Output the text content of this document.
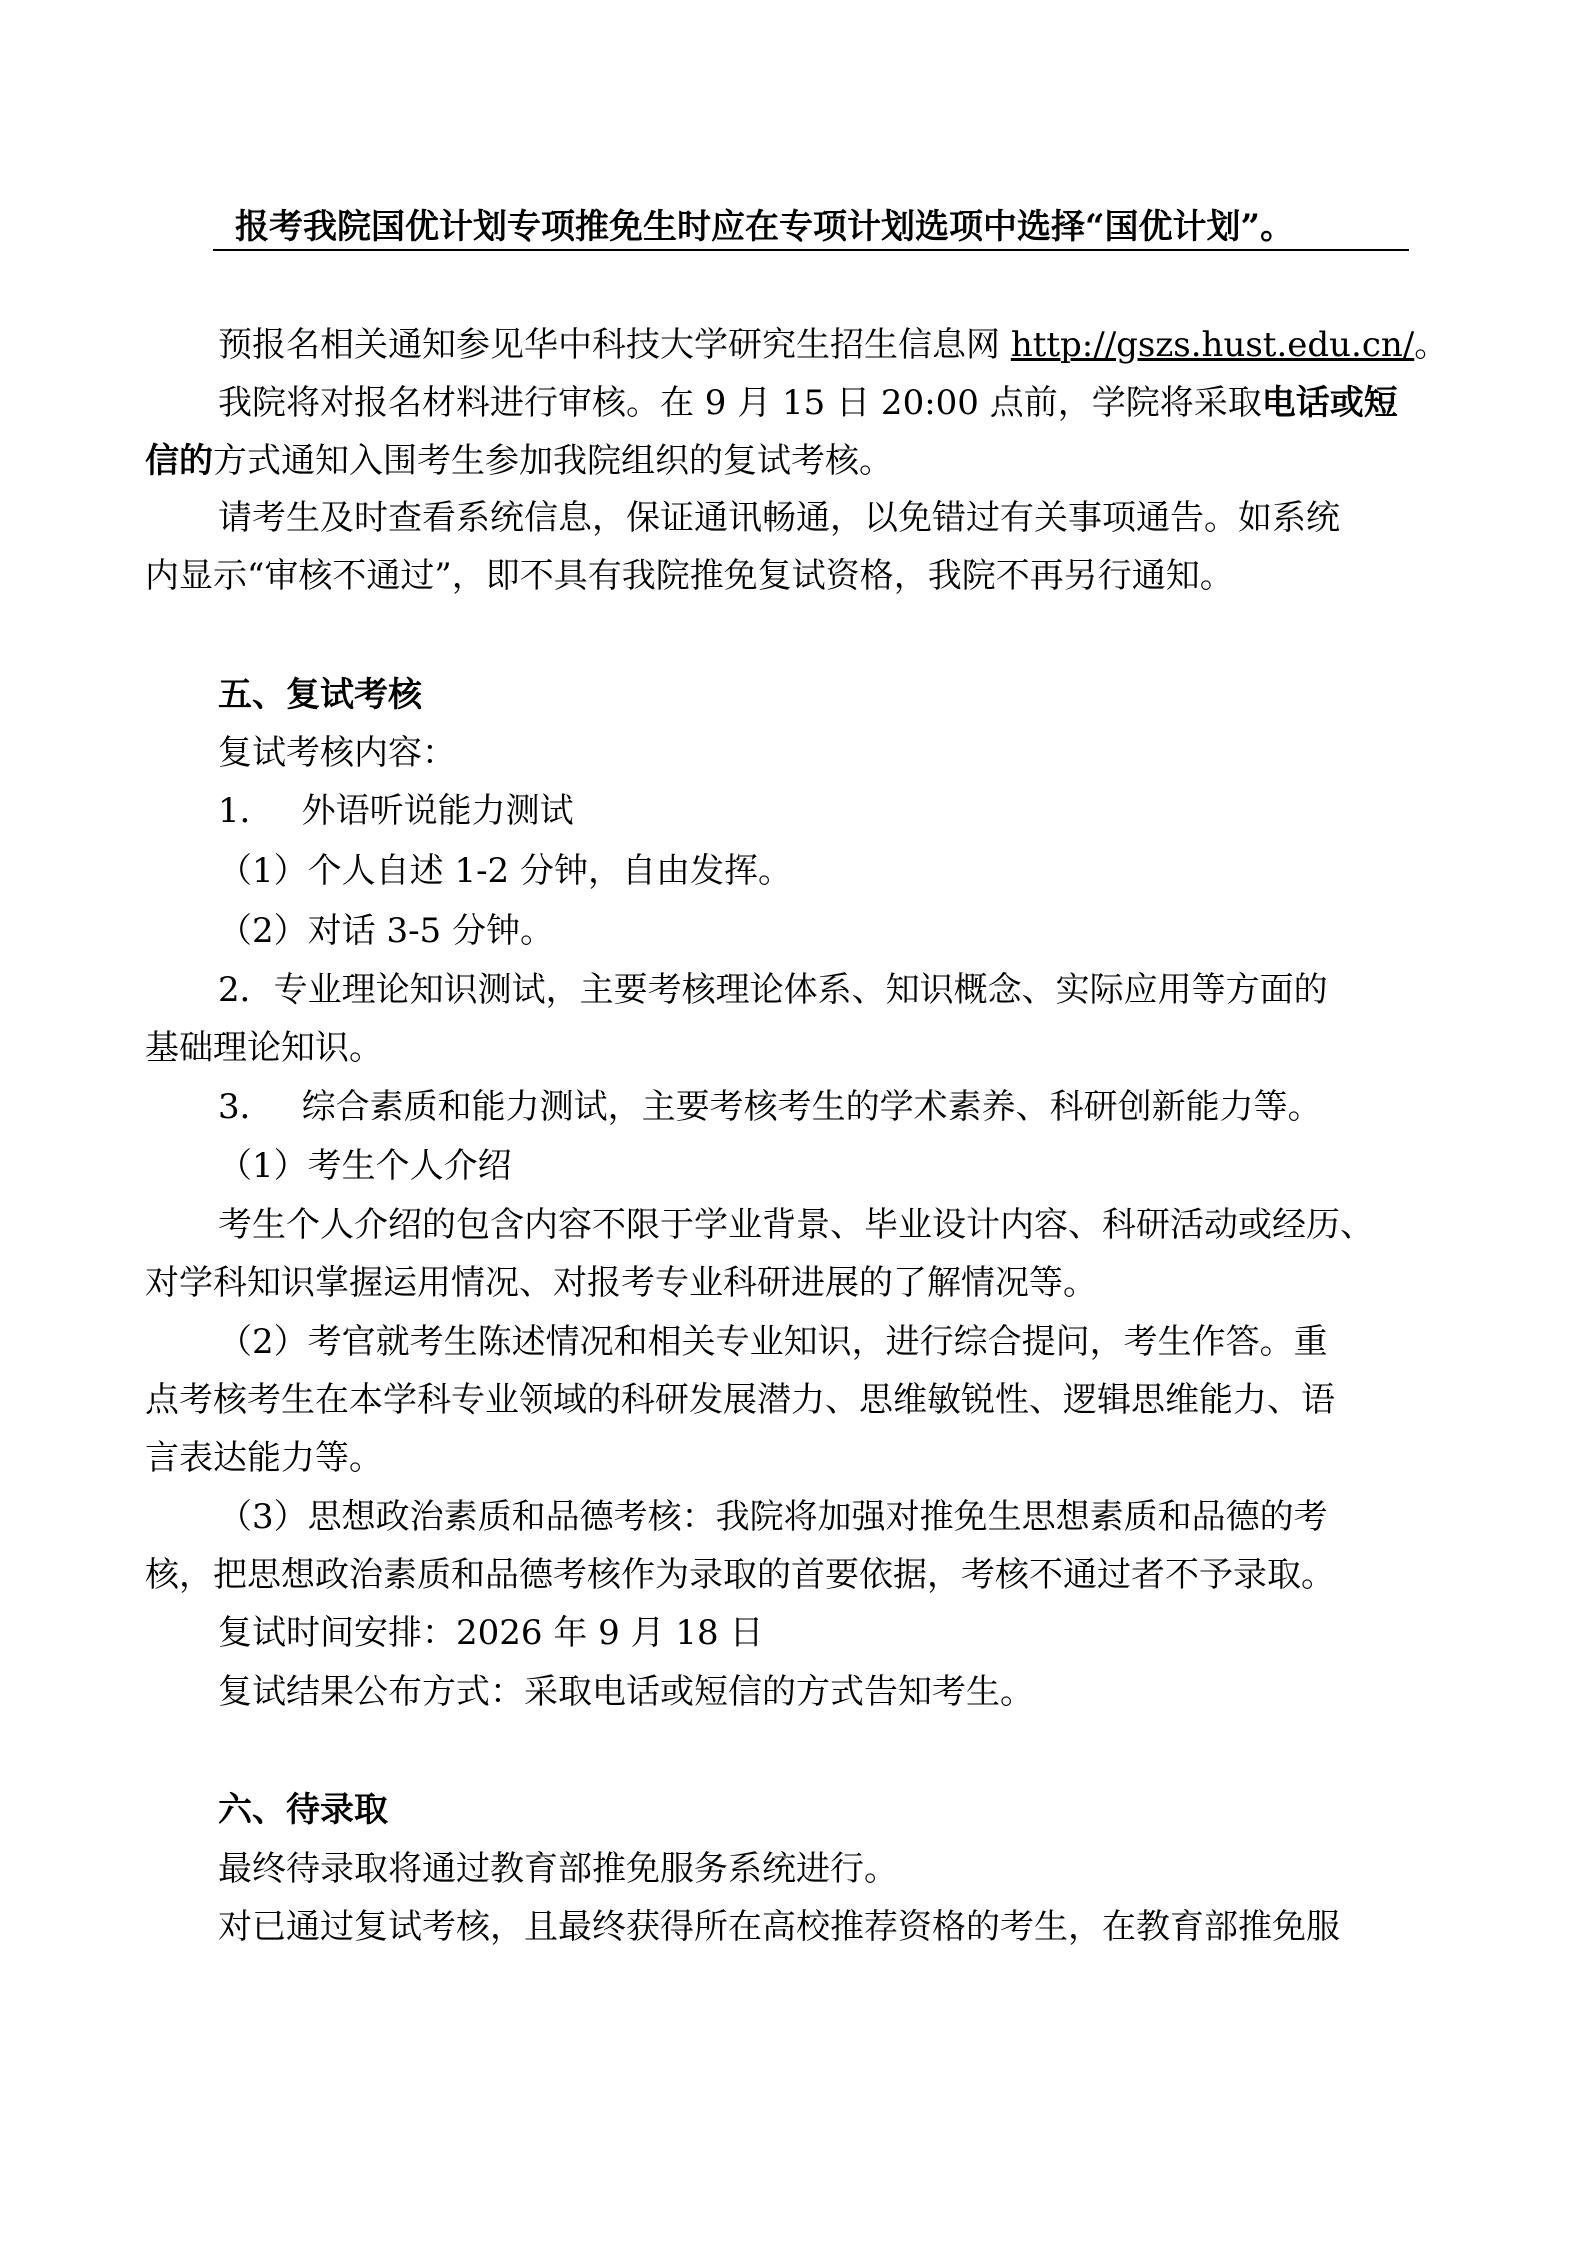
报考我院国优计划专项推免生时应在专项计划选项中选择“国优计划”。
预报名相关通知参见华中科技大学研究生招生信息网 http://gszs.hust.edu.cn/。
我院将对报名材料进行审核。在 9 月 15 日 20:00 点前，学院将采取电话或短
信的方式通知入围考生参加我院组织的复试考核。
请考生及时查看系统信息，保证通讯畅通，以免错过有关事项通告。如系统
内显示“审核不通过”，即不具有我院推免复试资格，我院不再另行通知。
五、复试考核
复试考核内容：
1． 外语听说能力测试
（1）个人自述 1-2 分钟，自由发挥。
（2）对话 3-5 分钟。
2．专业理论知识测试，主要考核理论体系、知识概念、实际应用等方面的
基础理论知识。
3． 综合素质和能力测试，主要考核考生的学术素养、科研创新能力等。
（1）考生个人介绍
考生个人介绍的包含内容不限于学业背景、毕业设计内容、科研活动或经历、
对学科知识掌握运用情况、对报考专业科研进展的了解情况等。
（2）考官就考生陈述情况和相关专业知识，进行综合提问，考生作答。重
点考核考生在本学科专业领域的科研发展潜力、思维敏锐性、逻辑思维能力、语
言表达能力等。
（3）思想政治素质和品德考核：我院将加强对推免生思想素质和品德的考
核，把思想政治素质和品德考核作为录取的首要依据，考核不通过者不予录取。
复试时间安排：2026 年 9 月 18 日
复试结果公布方式：采取电话或短信的方式告知考生。
六、待录取
最终待录取将通过教育部推免服务系统进行。
对已通过复试考核，且最终获得所在高校推荐资格的考生，在教育部推免服
